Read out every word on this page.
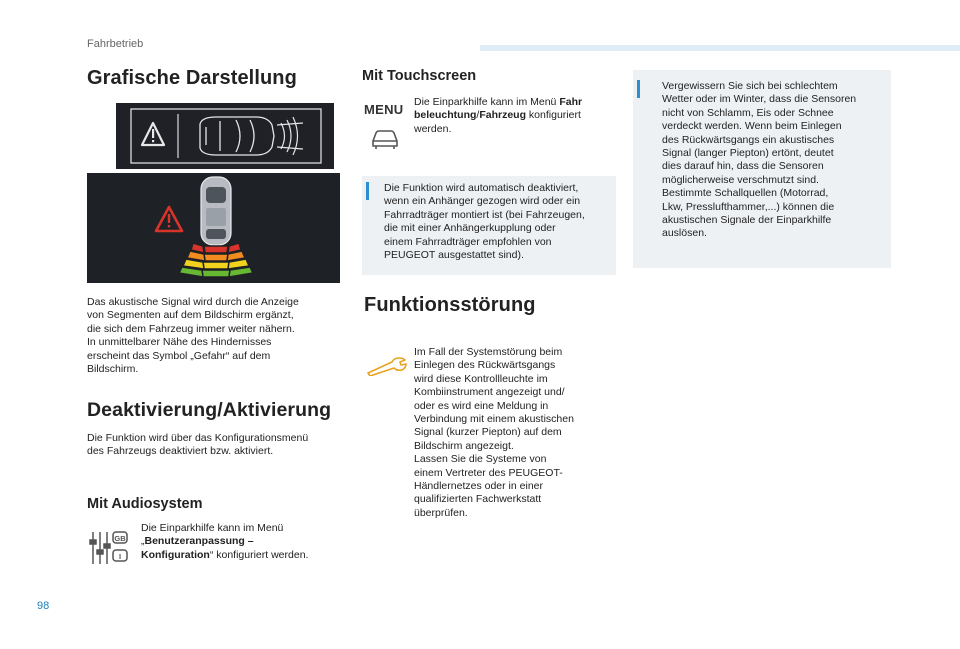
Fahrbetrieb
Grafische Darstellung
Das akustische Signal wird durch die Anzeige
von Segmenten auf dem Bildschirm ergänzt,
die sich dem Fahrzeug immer weiter nähern.
In unmittelbarer Nähe des Hindernisses
erscheint das Symbol „Gefahr“ auf dem
Bildschirm.
Deaktivierung/Aktivierung
Die Funktion wird über das Konfigurationsmenü
des Fahrzeugs deaktiviert bzw. aktiviert.
Mit Audiosystem
GB
I
Die Einparkhilfe kann im Menü
„Benutzeranpassung –
Konfiguration“ konfiguriert werden.
Mit Touchscreen
MENU Die Einparkhilfe kann im Menü Fahr
beleuchtung/Fahrzeug konfiguriert
werden.
Die Funktion wird automatisch deaktiviert,
wenn ein Anhänger gezogen wird oder ein
Fahrradträger montiert ist (bei Fahrzeugen,
die mit einer Anhängerkupplung oder
einem Fahrradträger empfohlen von
PEUGEOT ausgestattet sind).
Funktionsstörung
Im Fall der Systemstörung beim
Einlegen des Rückwärtsgangs
wird diese Kontrollleuchte im
Kombiinstrument angezeigt und/
oder es wird eine Meldung in
Verbindung mit einem akustischen
Signal (kurzer Piepton) auf dem
Bildschirm angezeigt.
Lassen Sie die Systeme von
einem Vertreter des PEUGEOT-
Händlernetzes oder in einer
qualifizierten Fachwerkstatt
überprüfen.
Vergewissern Sie sich bei schlechtem
Wetter oder im Winter, dass die Sensoren
nicht von Schlamm, Eis oder Schnee
verdeckt werden. Wenn beim Einlegen
des Rückwärtsgangs ein akustisches
Signal (langer Piepton) ertönt, deutet
dies darauf hin, dass die Sensoren
möglicherweise verschmutzt sind.
Bestimmte Schallquellen (Motorrad,
Lkw, Presslufthammer,...) können die
akustischen Signale der Einparkhilfe
auslösen.
98
